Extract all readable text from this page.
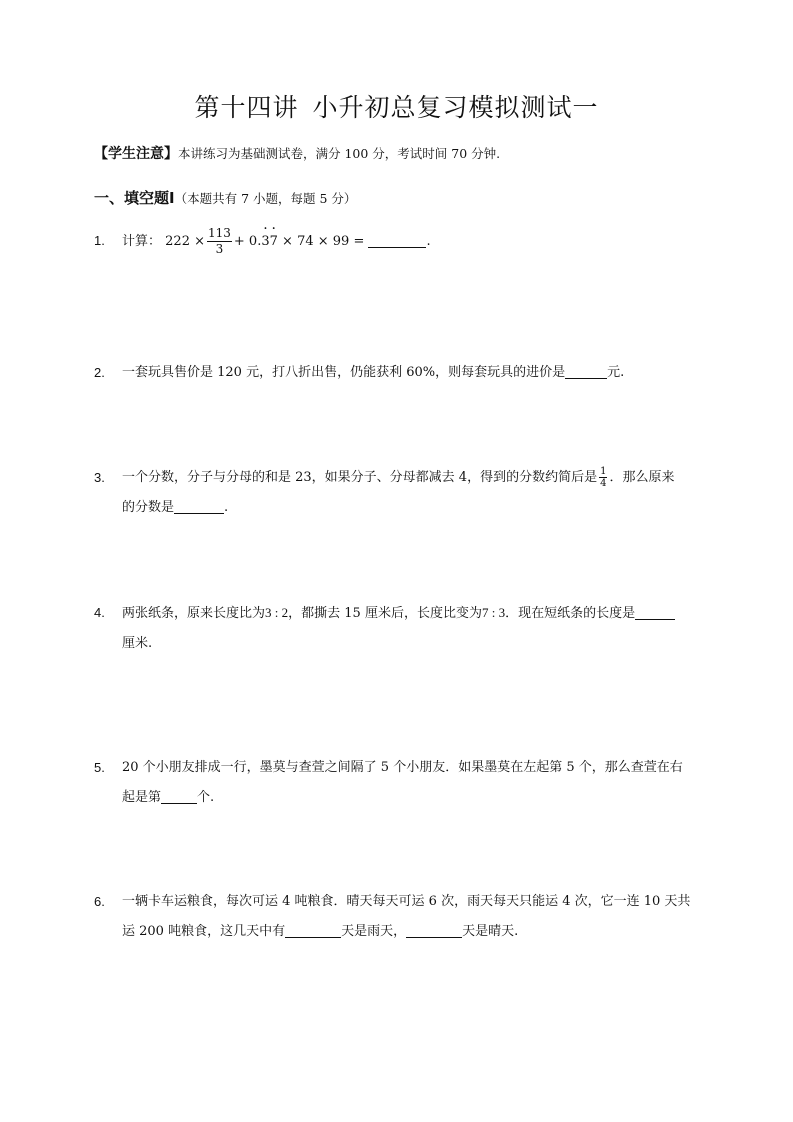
第十四讲 小升初总复习模拟测试一
【学生注意】本讲练习为基础测试卷，满分 100 分，考试时间 70 分钟.
一、填空题Ⅰ（本题共有 7 小题，每题 5 分）
1.	计算： $222 \times \frac{113}{3} + 0.\cdot 3\cdot 7 \times 74 \times 99$ =	.
2.	一套玩具售价是 120 元，打八折出售，仍能获利 60%，则每套玩具的进价是	元.
3.	一个分数，分子与分母的和是 23，如果分子、分母都减去 4，得到的分数约简后是 $\frac{1}{4}$ ．那么原来
的分数是	.
4.	两张纸条，原来长度比为3 : 2，都撕去 15 厘米后，长度比变为7 : 3．现在短纸条的长度是
厘米.
5.	20 个小朋友排成一行，墨莫与查萱之间隔了 5 个小朋友．如果墨莫在左起第 5 个，那么查萱在右
起是第	个.
6.	一辆卡车运粮食，每次可运 4 吨粮食．晴天每天可运 6 次，雨天每天只能运 4 次，它一连 10 天共
运 200 吨粮食，这几天中有	天是雨天，	天是晴天.
